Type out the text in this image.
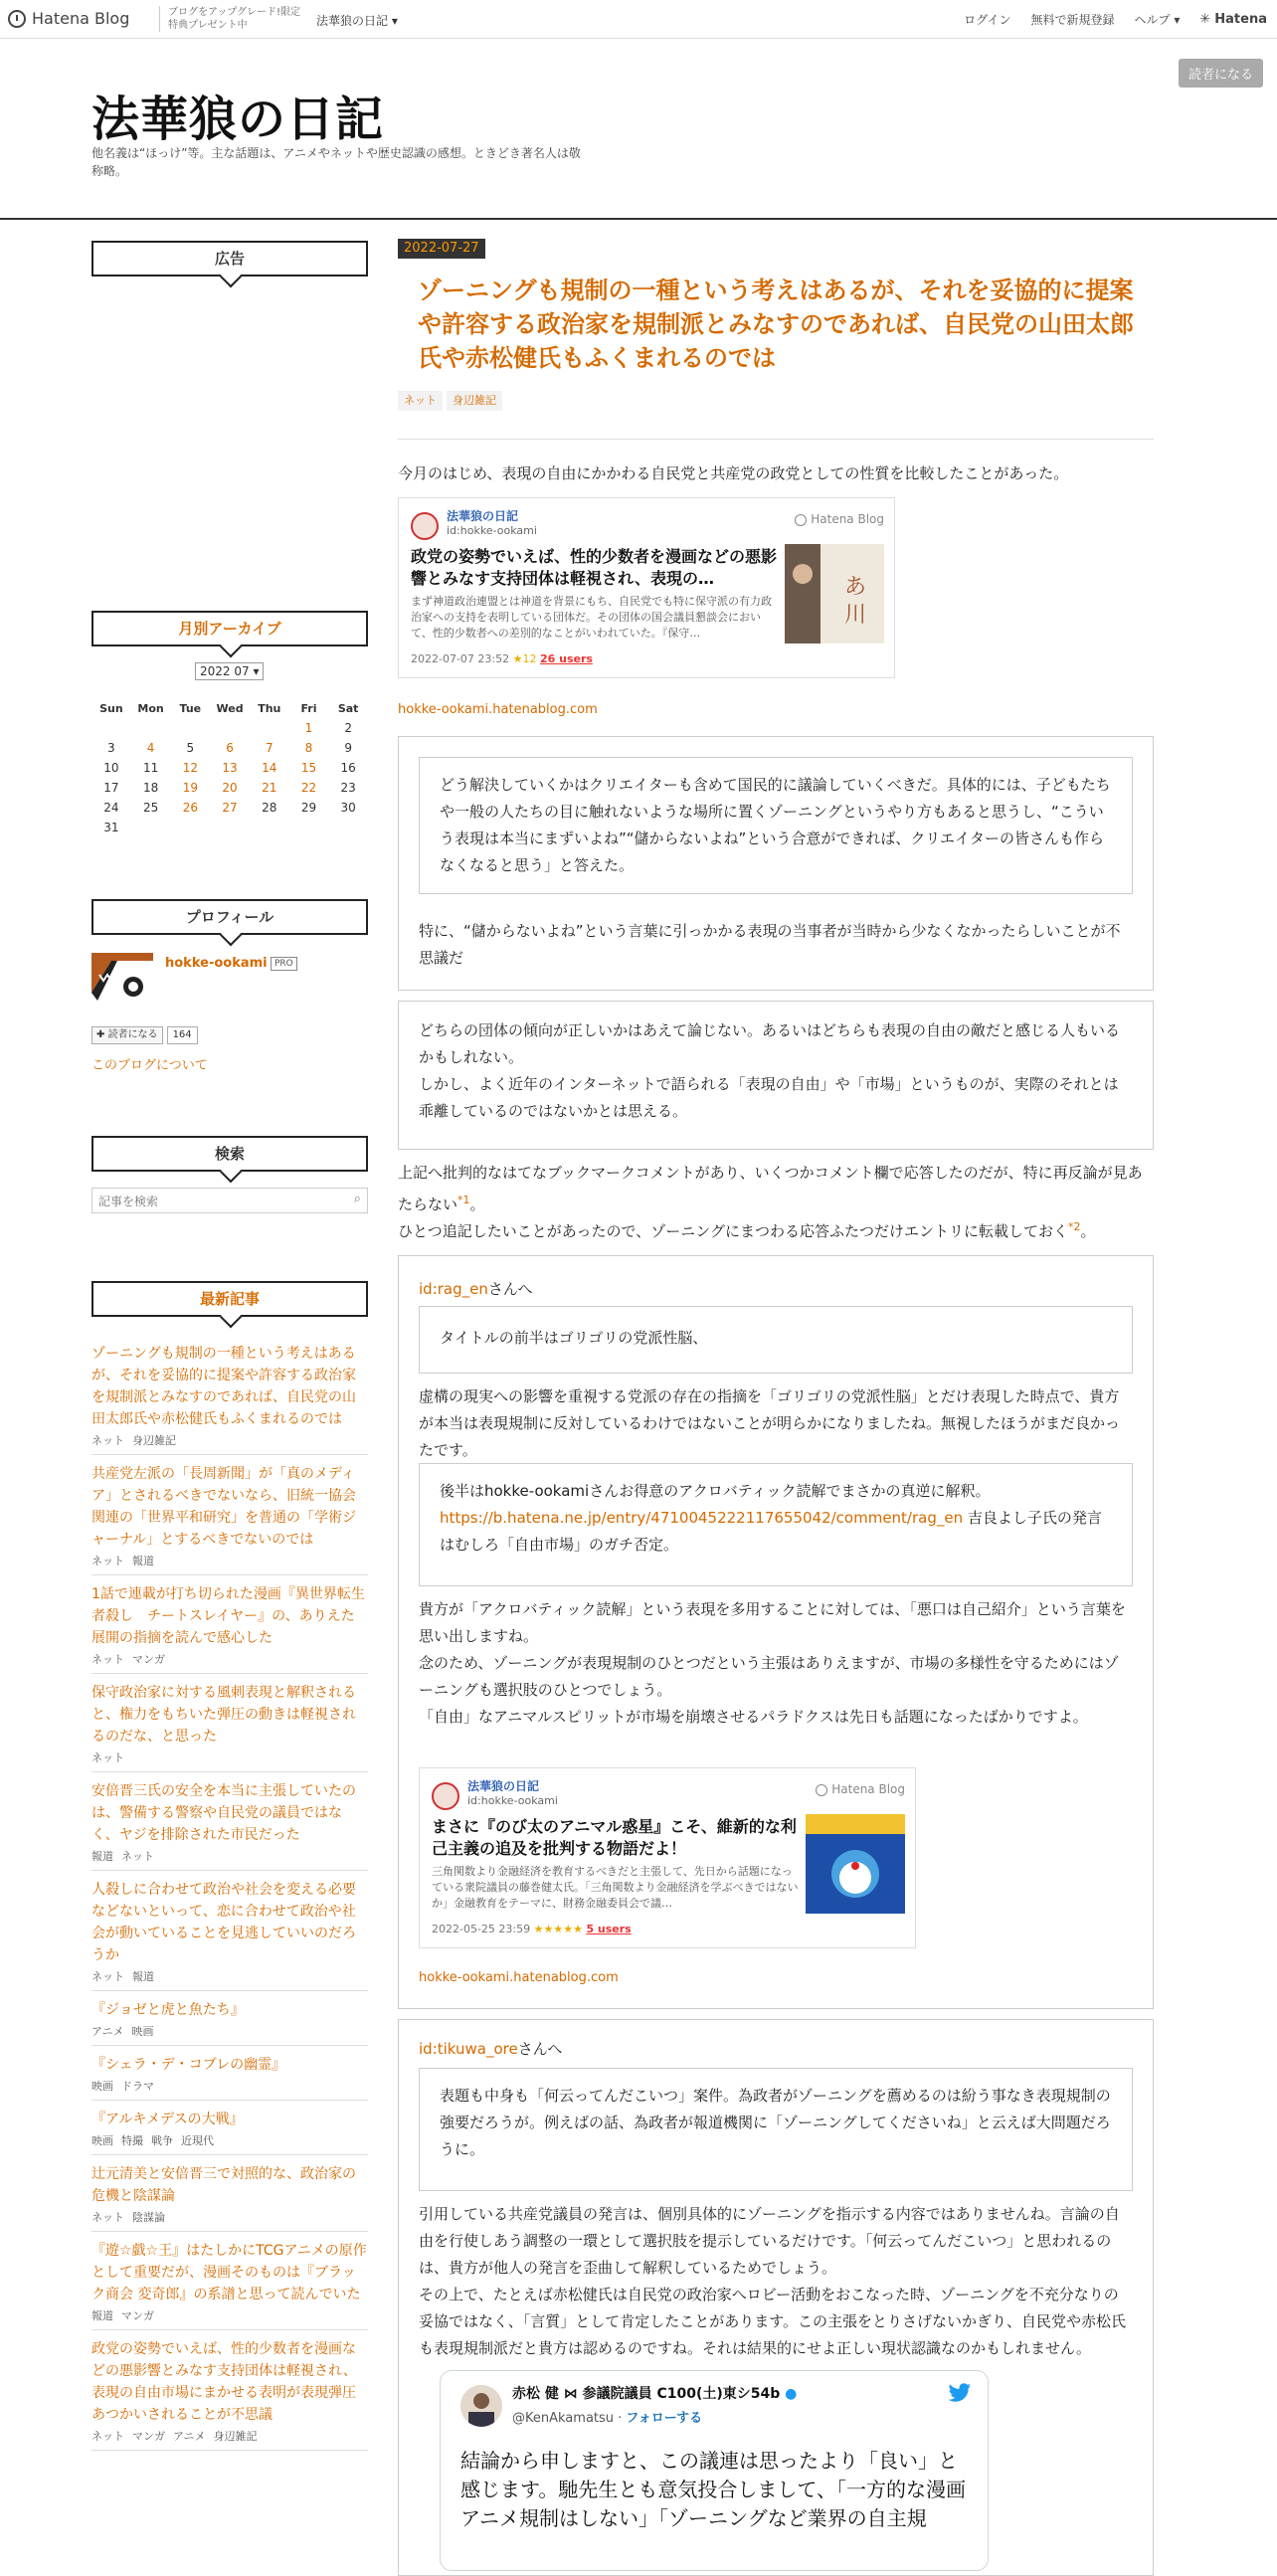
Hatena Blog	ブログをアップグレード!限定特典プレゼント中	法華狼の日記 ▾	ログイン 無料で新規登録 ヘルプ ▾ ✳ Hatena
法華狼の日記
他名義は“ほっけ”等。主な話題は、アニメやネットや歴史認識の感想。ときどき著名人は敬称略。
読者になる
広告
月別アーカイブ
2022 07 ▾
Sun	Mon	Tue	Wed	Thu	Fri	Sat
					1	2
3	4	5	6	7	8	9
10	11	12	13	14	15	16
17	18	19	20	21	22	23
24	25	26	27	28	29	30
31						
プロフィール
hokke-ookami PRO
✚ 読者になる	164
このブログについて
検索
記事を検索
⌕
最新記事
ゾーニングも規制の一種という考えはあるが、それを妥協的に提案や許容する政治家を規制派とみなすのであれば、自民党の山田太郎氏や赤松健氏もふくまれるのでは
ネット 身辺雑記
共産党左派の「長周新聞」が「真のメディア」とされるべきでないなら、旧統一協会関連の「世界平和研究」を普通の「学術ジャーナル」とするべきでないのでは
ネット 報道
1話で連載が打ち切られた漫画『異世界転生者殺し　チートスレイヤー』の、ありえた展開の指摘を読んで感心した
ネット マンガ
保守政治家に対する風刺表現と解釈されると、権力をもちいた弾圧の動きは軽視されるのだな、と思った
ネット
安倍晋三氏の安全を本当に主張していたのは、警備する警察や自民党の議員ではなく、ヤジを排除された市民だった
報道 ネット
人殺しに合わせて政治や社会を変える必要などないといって、恋に合わせて政治や社会が動いていることを見逃していいのだろうか
ネット 報道
『ジョゼと虎と魚たち』
アニメ 映画
『シェラ・デ・コブレの幽霊』
映画 ドラマ
『アルキメデスの大戦』
映画 特撮 戦争 近現代
辻元清美と安倍晋三で対照的な、政治家の危機と陰謀論
ネット 陰謀論
『遊☆戯☆王』はたしかにTCGアニメの原作として重要だが、漫画そのものは『ブラック商会 変奇郎』の系譜と思って読んでいた
報道 マンガ
政党の姿勢でいえば、性的少数者を漫画などの悪影響とみなす支持団体は軽視され、表現の自由市場にまかせる表明が表現弾圧あつかいされることが不思議
ネット マンガ アニメ 身辺雑記
2022-07-27
ゾーニングも規制の一種という考えはあるが、それを妥協的に提案や許容する政治家を規制派とみなすのであれば、自民党の山田太郎氏や赤松健氏もふくまれるのでは
ネット 身辺雑記
今月のはじめ、表現の自由にかかわる自民党と共産党の政党としての性質を比較したことがあった。
法華狼の日記
id:hokke-ookami
Hatena Blog
政党の姿勢でいえば、性的少数者を漫画などの悪影響とみなす支持団体は軽視され、表現の…
まず神道政治連盟とは神道を背景にもち、自民党でも特に保守派の有力政治家への支持を表明している団体だ。その団体の国会議員懇談会において、性的少数者への差別的なことがいわれていた。『保守…
2022-07-07 23:52 ★12 26 users
あ
川
hokke-ookami.hatenablog.com
どう解決していくかはクリエイターも含めて国民的に議論していくべきだ。具体的には、子どもたちや一般の人たちの目に触れないような場所に置くゾーニングというやり方もあると思うし、“こういう表現は本当にまずいよね”“儲からないよね”という合意ができれば、クリエイターの皆さんも作らなくなると思う」と答えた。
特に、“儲からないよね”という言葉に引っかかる表現の当事者が当時から少なくなかったらしいことが不思議だ
どちらの団体の傾向が正しいかはあえて論じない。あるいはどちらも表現の自由の敵だと感じる人もいるかもしれない。
しかし、よく近年のインターネットで語られる「表現の自由」や「市場」というものが、実際のそれとは乖離しているのではないかとは思える。
上記へ批判的なはてなブックマークコメントがあり、いくつかコメント欄で応答したのだが、特に再反論が見あたらない$^{*1}$。
ひとつ追記したいことがあったので、ゾーニングにまつわる応答ふたつだけエントリに転載しておく$^{*2}$。
id:rag_enさんへ
タイトルの前半はゴリゴリの党派性脳、
虚構の現実への影響を重視する党派の存在の指摘を「ゴリゴリの党派性脳」とだけ表現した時点で、貴方が本当は表現規制に反対しているわけではないことが明らかになりましたね。無視したほうがまだ良かったです。
後半はhokke-ookamiさんお得意のアクロバティック読解でまさかの真逆に解釈。
https://b.hatena.ne.jp/entry/4710045222117655042/comment/rag_en 吉良よし子氏の発言はむしろ「自由市場」のガチ否定。
貴方が「アクロバティック読解」という表現を多用することに対しては、「悪口は自己紹介」という言葉を思い出しますね。
念のため、ゾーニングが表現規制のひとつだという主張はありえますが、市場の多様性を守るためにはゾーニングも選択肢のひとつでしょう。
「自由」なアニマルスピリットが市場を崩壊させるパラドクスは先日も話題になったばかりですよ。
法華狼の日記
id:hokke-ookami
Hatena Blog
まさに『のび太のアニマル惑星』こそ、維新的な利己主義の追及を批判する物語だよ！
三角関数より金融経済を教育するべきだと主張して、先日から話題になっている衆院議員の藤巻健太氏。「三角関数より金融経済を学ぶべきではないか」金融教育をテーマに、財務金融委員会で議…
2022-05-25 23:59 ★★★★★ 5 users
hokke-ookami.hatenablog.com
id:tikuwa_oreさんへ
表題も中身も「何云ってんだこいつ」案件。為政者がゾーニングを薦めるのは紛う事なき表現規制の強要だろうが。例えばの話、為政者が報道機関に「ゾーニングしてくださいね」と云えば大問題だろうに。
引用している共産党議員の発言は、個別具体的にゾーニングを指示する内容ではありませんね。言論の自由を行使しあう調整の一環として選択肢を提示しているだけです。「何云ってんだこいつ」と思われるのは、貴方が他人の発言を歪曲して解釈しているためでしょう。
その上で、たとえば赤松健氏は自民党の政治家へロビー活動をおこなった時、ゾーニングを不充分なりの妥協ではなく、「言質」として肯定したことがあります。この主張をとりさげないかぎり、自民党や赤松氏も表現規制派だと貴方は認めるのですね。それは結果的にせよ正しい現状認識なのかもしれません。
赤松 健 ⋈ 参議院議員 C100(土)東シ54b ●
@KenAkamatsu · フォローする
結論から申しますと、この議連は思ったより「良い」と感じます。馳先生とも意気投合しまして、「一方的な漫画アニメ規制はしない」「ゾーニングなど業界の自主規
